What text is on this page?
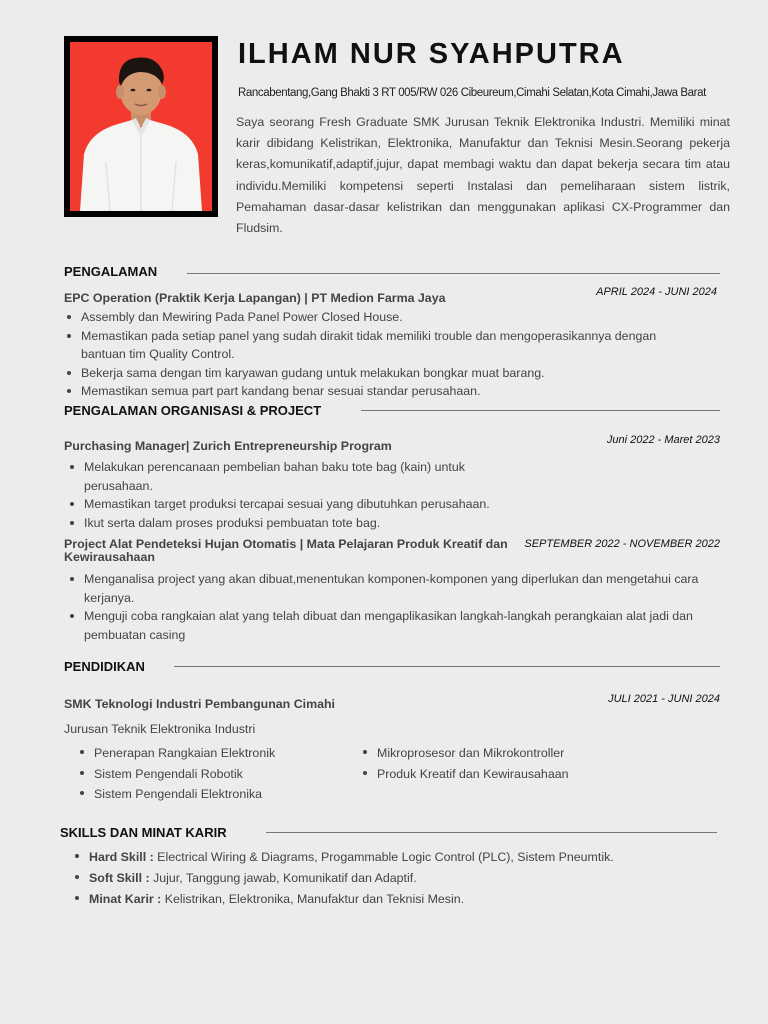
ILHAM NUR SYAHPUTRA
Rancabentang,Gang Bhakti 3 RT 005/RW 026 Cibeureum,Cimahi Selatan,Kota Cimahi,Jawa Barat
Saya seorang Fresh Graduate SMK Jurusan Teknik Elektronika Industri. Memiliki minat karir dibidang Kelistrikan, Elektronika, Manufaktur dan Teknisi Mesin.Seorang pekerja keras,komunikatif,adaptif,jujur, dapat membagi waktu dan dapat bekerja secara tim atau individu.Memiliki kompetensi seperti Instalasi dan pemeliharaan sistem listrik, Pemahaman dasar-dasar kelistrikan dan menggunakan aplikasi CX-Programmer dan Fludsim.
PENGALAMAN
EPC Operation (Praktik Kerja Lapangan) | PT Medion Farma Jaya	APRIL 2024 - JUNI 2024
Assembly dan Mewiring Pada Panel Power Closed House.
Memastikan pada setiap panel yang sudah dirakit tidak memiliki trouble dan mengoperasikannya dengan bantuan tim Quality Control.
Bekerja sama dengan tim karyawan gudang untuk melakukan bongkar muat barang.
Memastikan semua part part kandang benar sesuai standar perusahaan.
PENGALAMAN ORGANISASI & PROJECT
Purchasing Manager| Zurich Entrepreneurship Program	Juni 2022 - Maret 2023
Melakukan perencanaan pembelian bahan baku tote bag (kain) untuk perusahaan.
Memastikan target produksi tercapai sesuai yang dibutuhkan perusahaan.
Ikut serta dalam proses produksi pembuatan tote bag.
Project Alat Pendeteksi Hujan Otomatis | Mata Pelajaran Produk Kreatif dan Kewirausahaan
SEPTEMBER 2022 - NOVEMBER 2022
Menganalisa project yang akan dibuat,menentukan komponen-komponen yang diperlukan dan mengetahui cara kerjanya.
Menguji coba rangkaian alat yang telah dibuat dan mengaplikasikan langkah-langkah perangkaian alat jadi dan pembuatan casing
PENDIDIKAN
SMK Teknologi Industri Pembangunan Cimahi	JULI 2021 - JUNI 2024
Jurusan Teknik Elektronika Industri
Penerapan Rangkaian Elektronik
Sistem Pengendali Robotik
Sistem Pengendali Elektronika
Mikroprosesor dan Mikrokontroller
Produk Kreatif dan Kewirausahaan
SKILLS DAN MINAT KARIR
Hard Skill : Electrical Wiring & Diagrams, Progammable Logic Control (PLC), Sistem Pneumtik.
Soft Skill : Jujur, Tanggung jawab, Komunikatif dan Adaptif.
Minat Karir : Kelistrikan, Elektronika, Manufaktur dan Teknisi Mesin.
